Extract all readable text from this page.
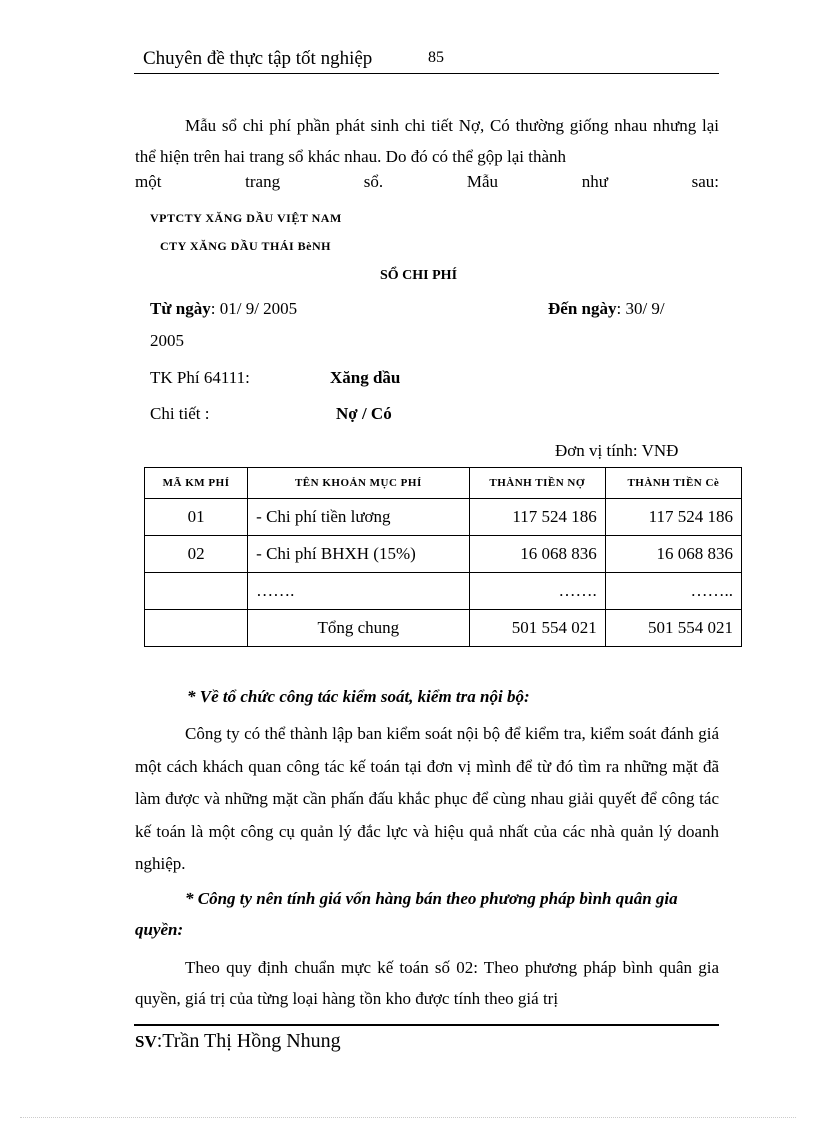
Chuyên đề thực tập tốt nghiệp	85
Mẫu sổ chi phí phần phát sinh chi tiết Nợ, Có thường giống nhau nhưng lại thể hiện trên hai trang sổ khác nhau. Do đó có thể gộp lại thành
một	trang	sổ.	Mẫu	như	sau:
VPTCTY XĂNG DẦU VIỆT NAM
CTY XĂNG DẦU THÁI BèNH
SỔ CHI PHÍ
Từ ngày: 01/ 9/ 2005	Đến ngày: 30/ 9/
2005
TK Phí 64111:	Xăng dầu
Chi tiết :	Nợ / Có
Đơn vị tính: VNĐ
MÃ KM PHÍ	TÊN KHOẢN MỤC PHÍ	THÀNH TIỀN NỢ	THÀNH TIỀN Cè
01	- Chi phí tiền lương	117 524 186	117 524 186
02	- Chi phí BHXH (15%)	16 068 836	16 068 836
	…….	…….	……..
	Tổng chung	501 554 021	501 554 021
* Về tổ chức công tác kiểm soát, kiểm tra nội bộ:
Công ty có thể thành lập ban kiểm soát nội bộ để kiểm tra, kiểm soát đánh giá một cách khách quan công tác kế toán tại đơn vị mình để từ đó tìm ra những mặt đã làm được và những mặt cần phấn đấu khắc phục để cùng nhau giải quyết để công tác kế toán là một công cụ quản lý đắc lực và hiệu quả nhất của các nhà quản lý doanh nghiệp.
* Công ty nên tính giá vốn hàng bán theo phương pháp bình quân gia quyền:
Theo quy định chuẩn mực kế toán số 02: Theo phương pháp bình quân gia quyền, giá trị của từng loại hàng tồn kho được tính theo giá trị
SV:Trần Thị Hồng Nhung
